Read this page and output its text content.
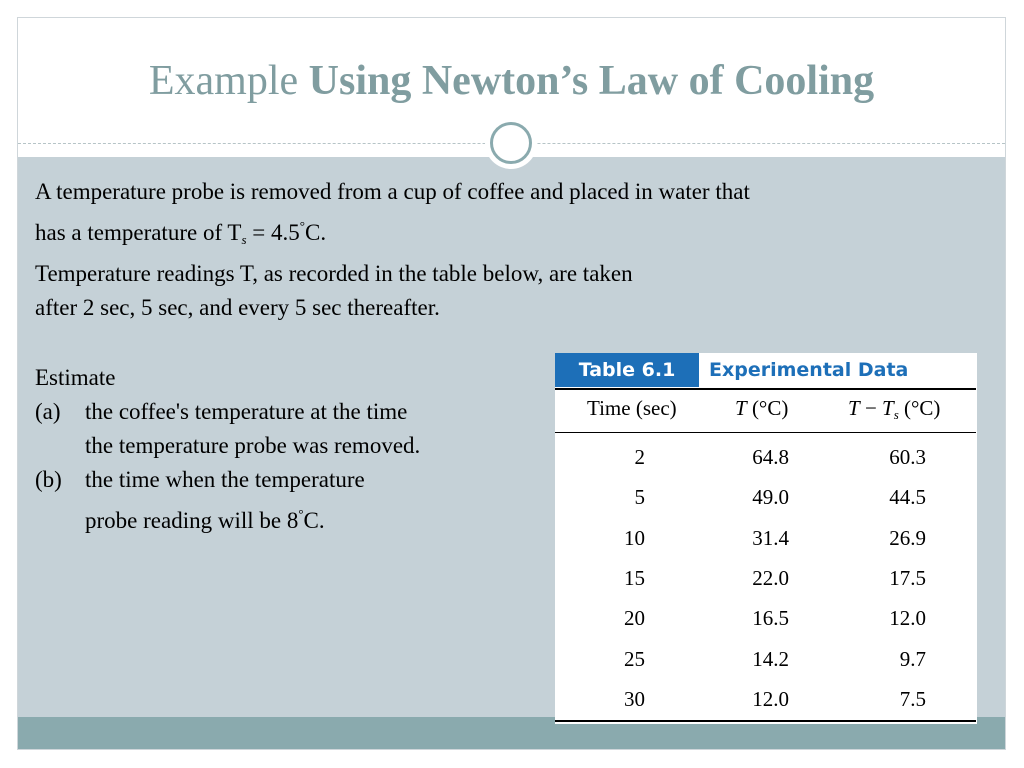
Example Using Newton’s Law of Cooling

A temperature probe is removed from a cup of coffee and placed in water that

has a temperature of $T_s = 4.5^\circ C$.

Temperature readings T, as recorded in the table below, are taken

after 2 sec, 5 sec, and every 5 sec thereafter.

Estimate

(a)	the coffee's temperature at the time

the temperature probe was removed.

(b)	the time when the temperature

probe reading will be 8°C.

Table 6.1	Experimental Data
Time (sec)	T (°C)	$T - T_s$ (°C)
2	64.8	60.3
5	49.0	44.5
10	31.4	26.9
15	22.0	17.5
20	16.5	12.0
25	14.2	9.7
30	12.0	7.5
